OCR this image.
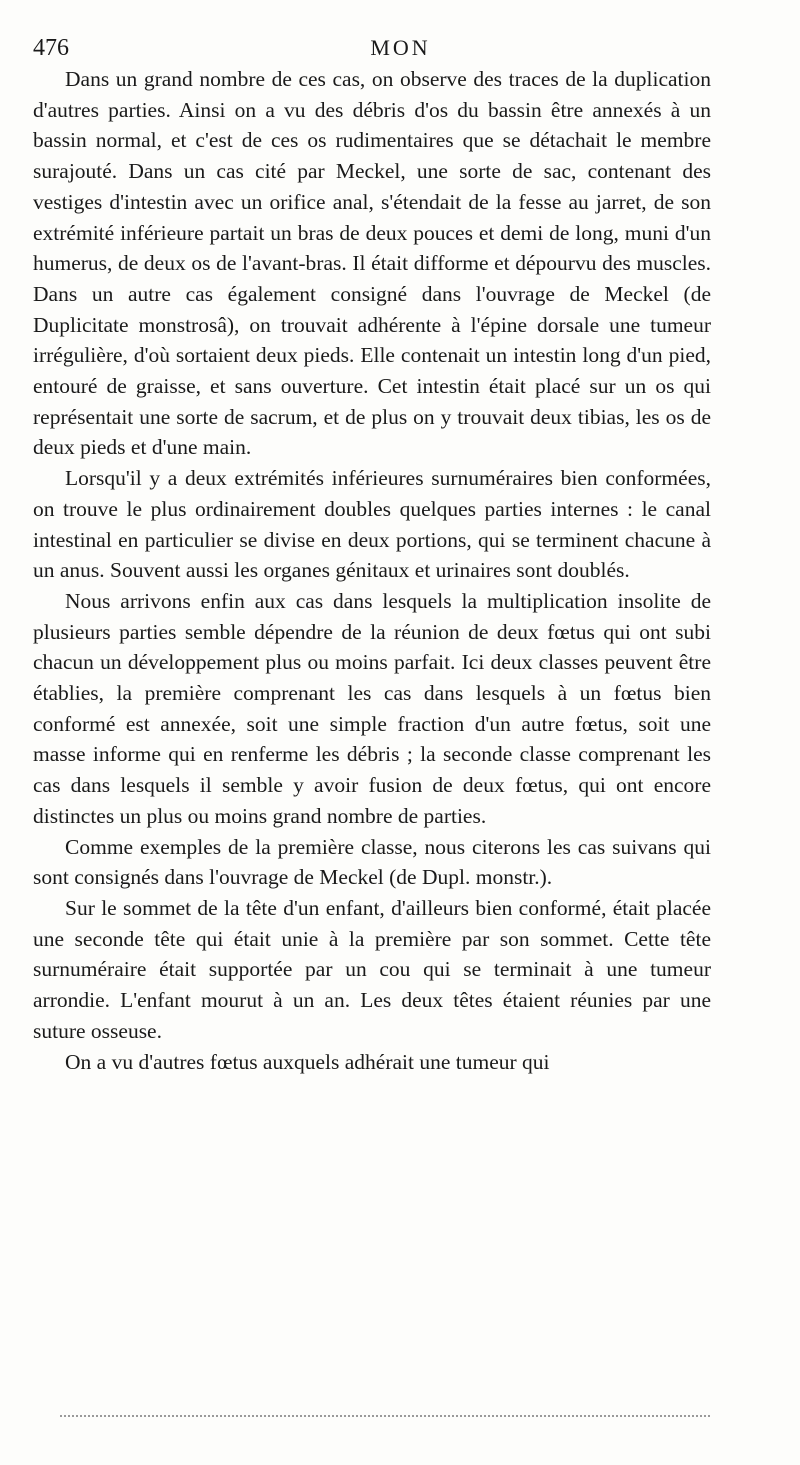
476	MON

Dans un grand nombre de ces cas, on observe des traces de la duplication d'autres parties. Ainsi on a vu des débris d'os du bassin être annexés à un bassin normal, et c'est de ces os rudimentaires que se détachait le membre surajouté. Dans un cas cité par Meckel, une sorte de sac, contenant des vestiges d'intestin avec un orifice anal, s'étendait de la fesse au jarret, de son extrémité inférieure partait un bras de deux pouces et demi de long, muni d'un humerus, de deux os de l'avant-bras. Il était difforme et dépourvu des muscles. Dans un autre cas également consigné dans l'ouvrage de Meckel (de Duplicitate monstrosâ), on trouvait adhérente à l'épine dorsale une tumeur irrégulière, d'où sortaient deux pieds. Elle contenait un intestin long d'un pied, entouré de graisse, et sans ouverture. Cet intestin était placé sur un os qui représentait une sorte de sacrum, et de plus on y trouvait deux tibias, les os de deux pieds et d'une main.

Lorsqu'il y a deux extrémités inférieures surnuméraires bien conformées, on trouve le plus ordinairement doubles quelques parties internes : le canal intestinal en particulier se divise en deux portions, qui se terminent chacune à un anus. Souvent aussi les organes génitaux et urinaires sont doublés.

Nous arrivons enfin aux cas dans lesquels la multiplication insolite de plusieurs parties semble dépendre de la réunion de deux fœtus qui ont subi chacun un développement plus ou moins parfait. Ici deux classes peuvent être établies, la première comprenant les cas dans lesquels à un fœtus bien conformé est annexée, soit une simple fraction d'un autre fœtus, soit une masse informe qui en renferme les débris ; la seconde classe comprenant les cas dans lesquels il semble y avoir fusion de deux fœtus, qui ont encore distinctes un plus ou moins grand nombre de parties.

Comme exemples de la première classe, nous citerons les cas suivans qui sont consignés dans l'ouvrage de Meckel (de Dupl. monstr.).

Sur le sommet de la tête d'un enfant, d'ailleurs bien conformé, était placée une seconde tête qui était unie à la première par son sommet. Cette tête surnuméraire était supportée par un cou qui se terminait à une tumeur arrondie. L'enfant mourut à un an. Les deux têtes étaient réunies par une suture osseuse.

On a vu d'autres fœtus auxquels adhérait une tumeur qui
